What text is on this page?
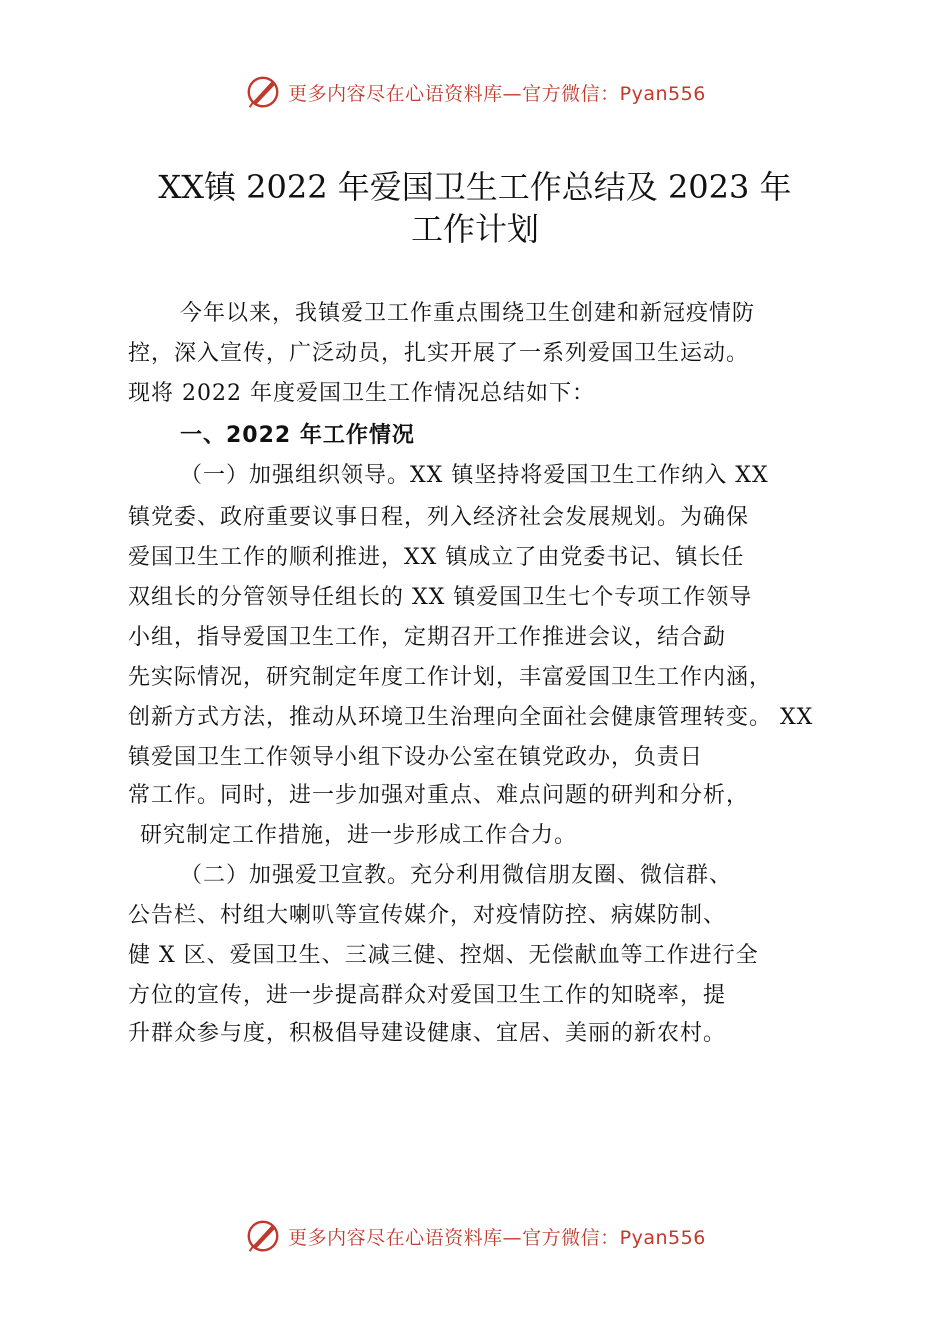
更多内容尽在心语资料库—官方微信：Pyan556
XX镇 2022 年爱国卫生工作总结及 2023 年
工作计划
今年以来，我镇爱卫工作重点围绕卫生创建和新冠疫情防
控，深入宣传，广泛动员，扎实开展了一系列爱国卫生运动。
现将 2022 年度爱国卫生工作情况总结如下：
一、2022 年工作情况
（一）加强组织领导。XX 镇坚持将爱国卫生工作纳入 XX
镇党委、政府重要议事日程，列入经济社会发展规划。为确保
爱国卫生工作的顺利推进，XX 镇成立了由党委书记、镇长任
双组长的分管领导任组长的 XX 镇爱国卫生七个专项工作领导
小组，指导爱国卫生工作，定期召开工作推进会议，结合勐
先实际情况，研究制定年度工作计划，丰富爱国卫生工作内涵，
创新方式方法，推动从环境卫生治理向全面社会健康管理转变。 XX
镇爱国卫生工作领导小组下设办公室在镇党政办，负责日
常工作。同时，进一步加强对重点、难点问题的研判和分析，
研究制定工作措施，进一步形成工作合力。
（二）加强爱卫宣教。充分利用微信朋友圈、微信群、
公告栏、村组大喇叭等宣传媒介，对疫情防控、病媒防制、
健 X 区、爱国卫生、三减三健、控烟、无偿献血等工作进行全
方位的宣传，进一步提高群众对爱国卫生工作的知晓率，提
升群众参与度，积极倡导建设健康、宜居、美丽的新农村。
更多内容尽在心语资料库—官方微信：Pyan556
